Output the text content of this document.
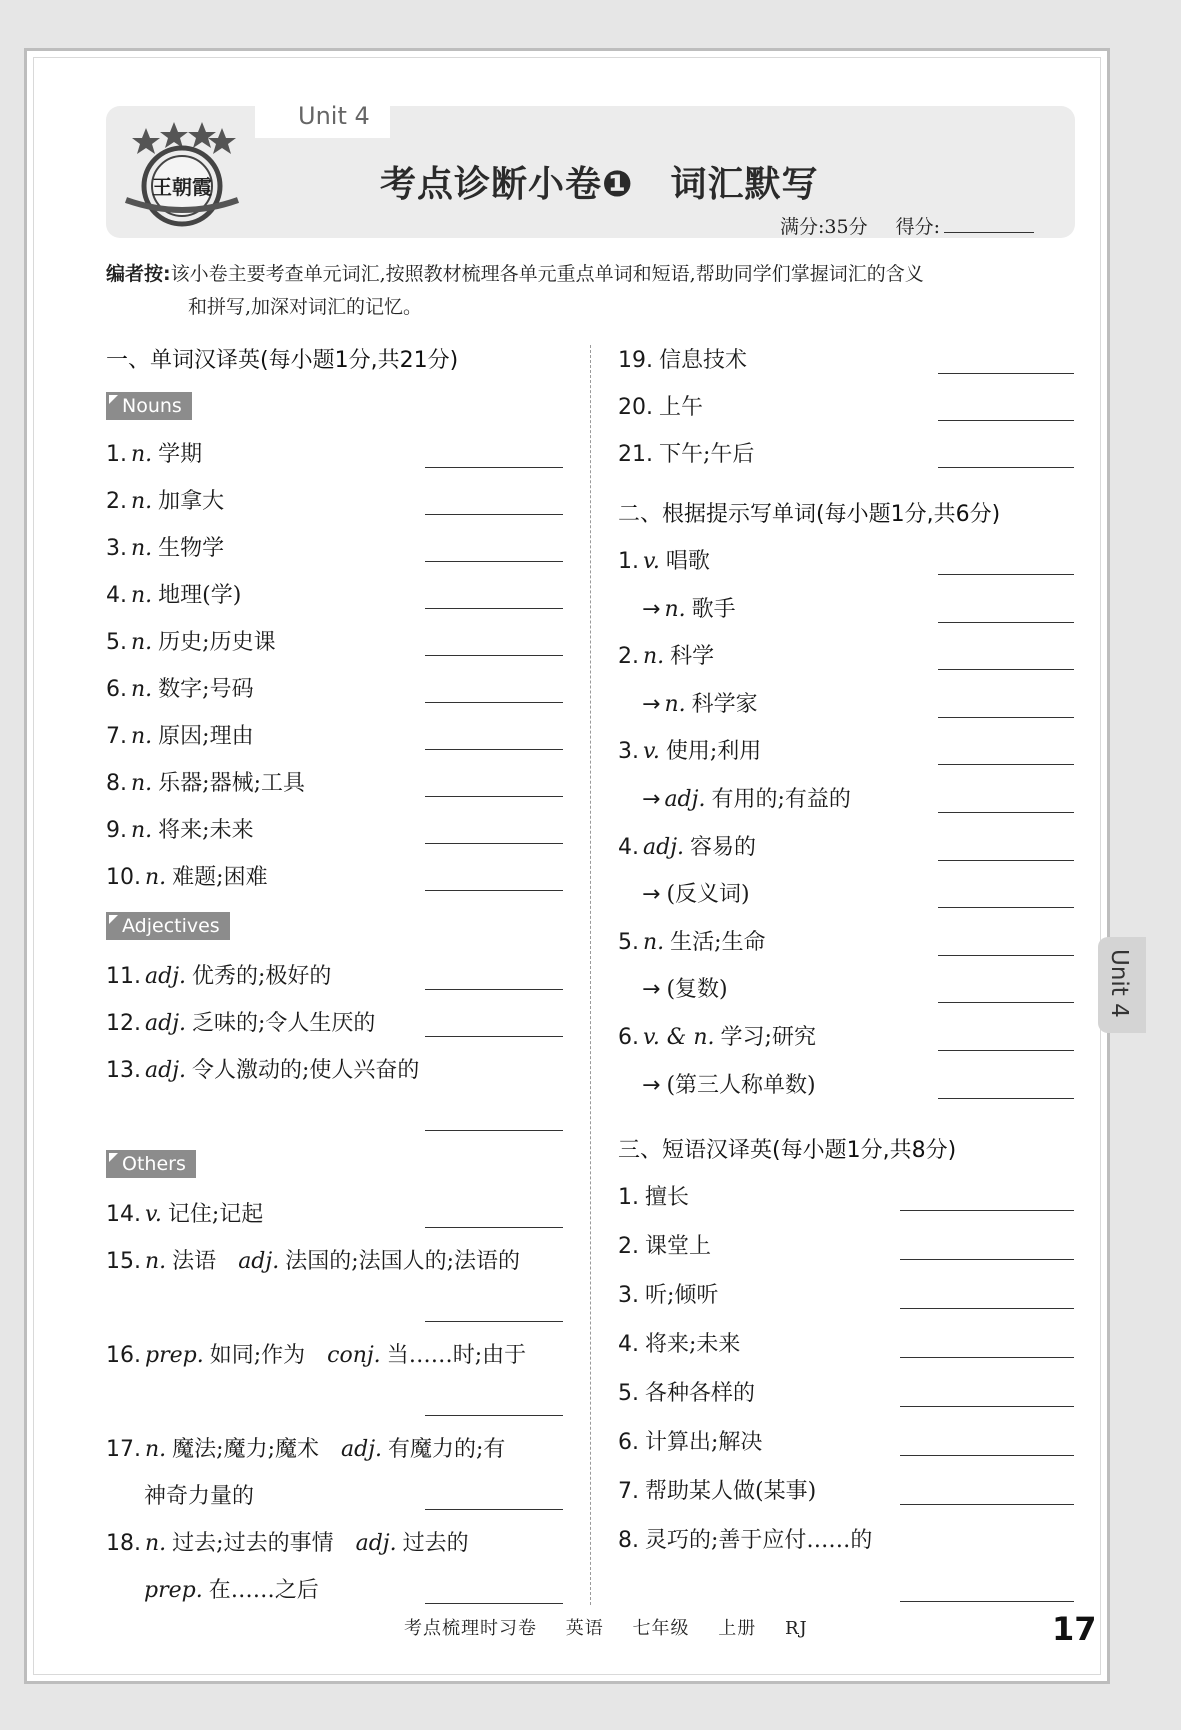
Unit 4
王朝霞	考点诊断小卷❶　词汇默写
满分:35分 得分:
编者按:该小卷主要考查单元词汇,按照教材梳理各单元重点单词和短语,帮助同学们掌握词汇的含义
和拼写,加深对词汇的记忆。
一、单词汉译英(每小题1分,共21分)
Nouns
Adjectives
Others
1. n. 学期
2. n. 加拿大
3. n. 生物学
4. n. 地理(学)
5. n. 历史;历史课
6. n. 数字;号码
7. n. 原因;理由
8. n. 乐器;器械;工具
9. n. 将来;未来
10. n. 难题;困难
11. adj. 优秀的;极好的
12. adj. 乏味的;令人生厌的
13. adj. 令人激动的;使人兴奋的
14. v. 记住;记起
15. n. 法语 adj. 法国的;法国人的;法语的
16. prep. 如同;作为 conj. 当……时;由于
17. n. 魔法;魔力;魔术 adj. 有魔力的;有
神奇力量的
18. n. 过去;过去的事情 adj. 过去的
prep. 在……之后
19. 信息技术
20. 上午
21. 下午;午后
1. v. 唱歌
→ n. 歌手
2. n. 科学
→ n. 科学家
3. v. 使用;利用
→ adj. 有用的;有益的
4. adj. 容易的
→ (反义词)
5. n. 生活;生命
→ (复数)
6. v. & n. 学习;研究
→ (第三人称单数)
1. 擅长
2. 课堂上
3. 听;倾听
4. 将来;未来
5. 各种各样的
6. 计算出;解决
7. 帮助某人做(某事)
8. 灵巧的;善于应付……的
二、根据提示写单词(每小题1分,共6分)
三、短语汉译英(每小题1分,共8分)
Unit 4
考点梳理时习卷 英语 七年级 上册 RJ	17
